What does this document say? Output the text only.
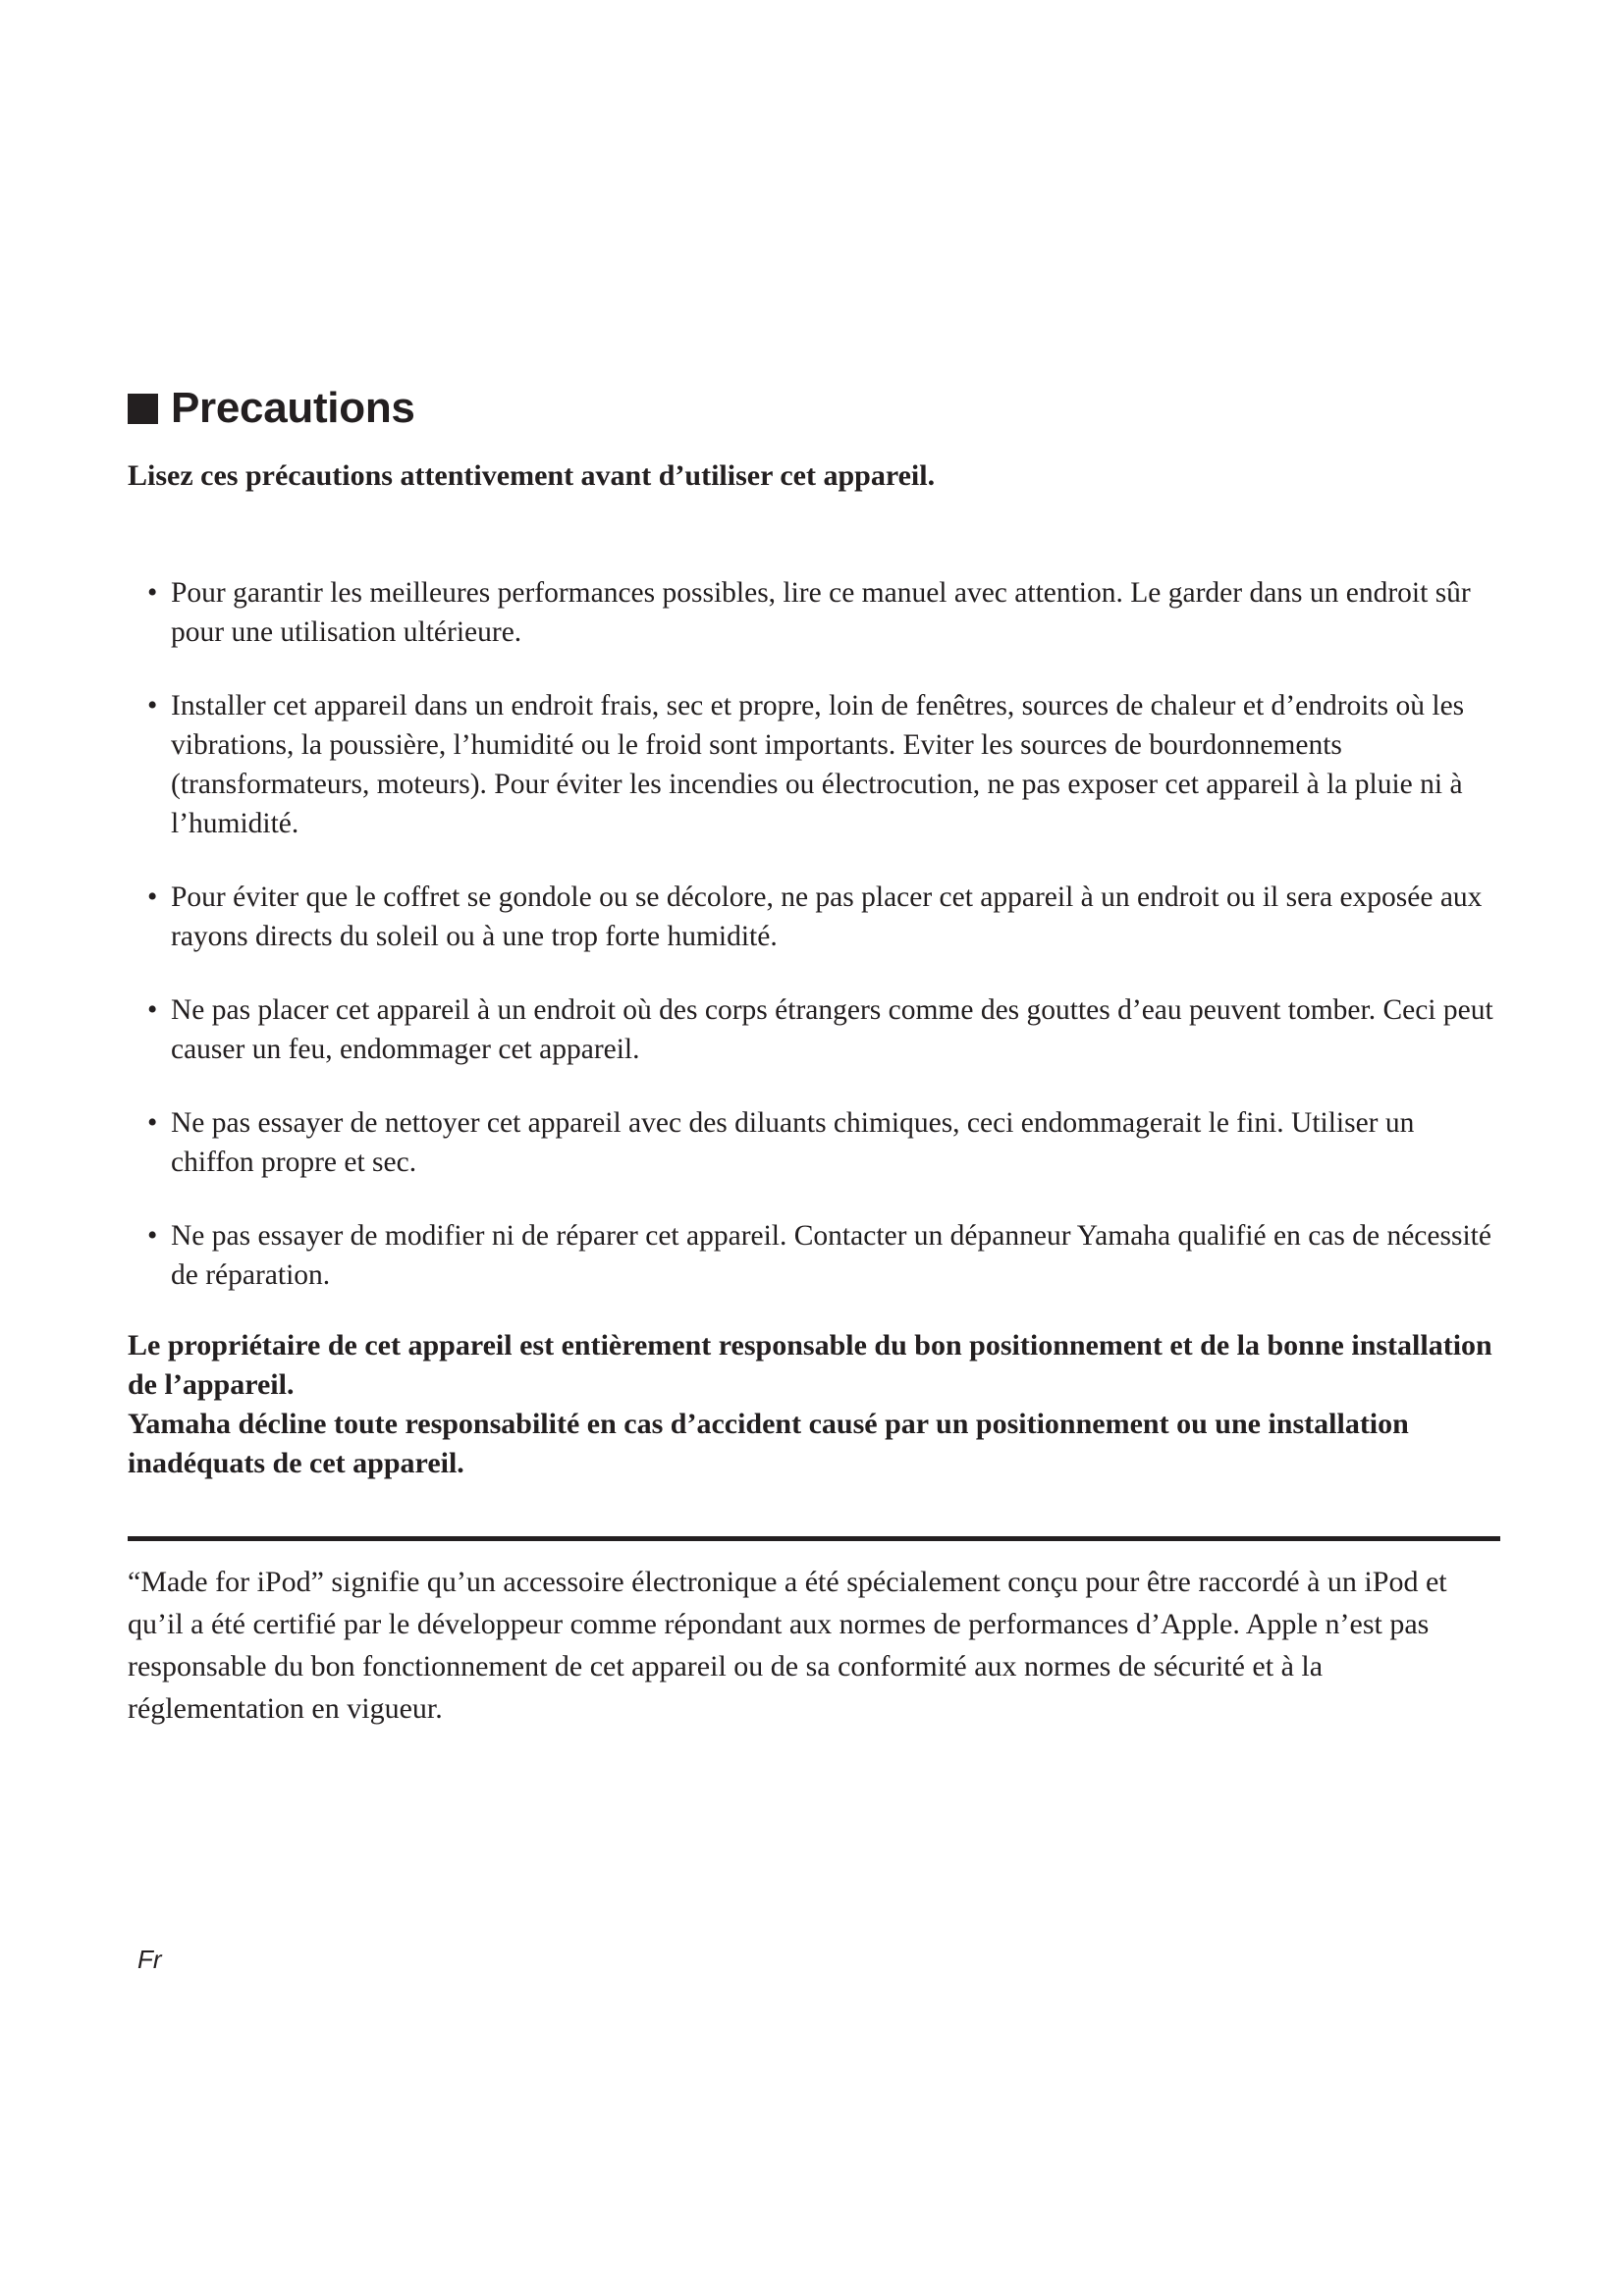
Precautions
Lisez ces précautions attentivement avant d’utiliser cet appareil.
• Pour garantir les meilleures performances possibles, lire ce manuel avec attention. Le garder dans un endroit sûr pour une utilisation ultérieure.
• Installer cet appareil dans un endroit frais, sec et propre, loin de fenêtres, sources de chaleur et d’endroits où les vibrations, la poussière, l’humidité ou le froid sont importants. Eviter les sources de bourdonnements (transformateurs, moteurs). Pour éviter les incendies ou électrocution, ne pas exposer cet appareil à la pluie ni à l’humidité.
• Pour éviter que le coffret se gondole ou se décolore, ne pas placer cet appareil à un endroit ou il sera exposée aux rayons directs du soleil ou à une trop forte humidité.
• Ne pas placer cet appareil à un endroit où des corps étrangers comme des gouttes d’eau peuvent tomber. Ceci peut causer un feu, endommager cet appareil.
• Ne pas essayer de nettoyer cet appareil avec des diluants chimiques, ceci endommagerait le fini. Utiliser un chiffon propre et sec.
• Ne pas essayer de modifier ni de réparer cet appareil. Contacter un dépanneur Yamaha qualifié en cas de nécessité de réparation.

Le propriétaire de cet appareil est entièrement responsable du bon positionnement et de la bonne installation de l’appareil.

Yamaha décline toute responsabilité en cas d’accident causé par un positionnement ou une installation inadéquats de cet appareil.

“Made for iPod” signifie qu’un accessoire électronique a été spécialement conçu pour être raccordé à un iPod et qu’il a été certifié par le développeur comme répondant aux normes de performances d’Apple. Apple n’est pas responsable du bon fonctionnement de cet appareil ou de sa conformité aux normes de sécurité et à la réglementation en vigueur.

Fr
